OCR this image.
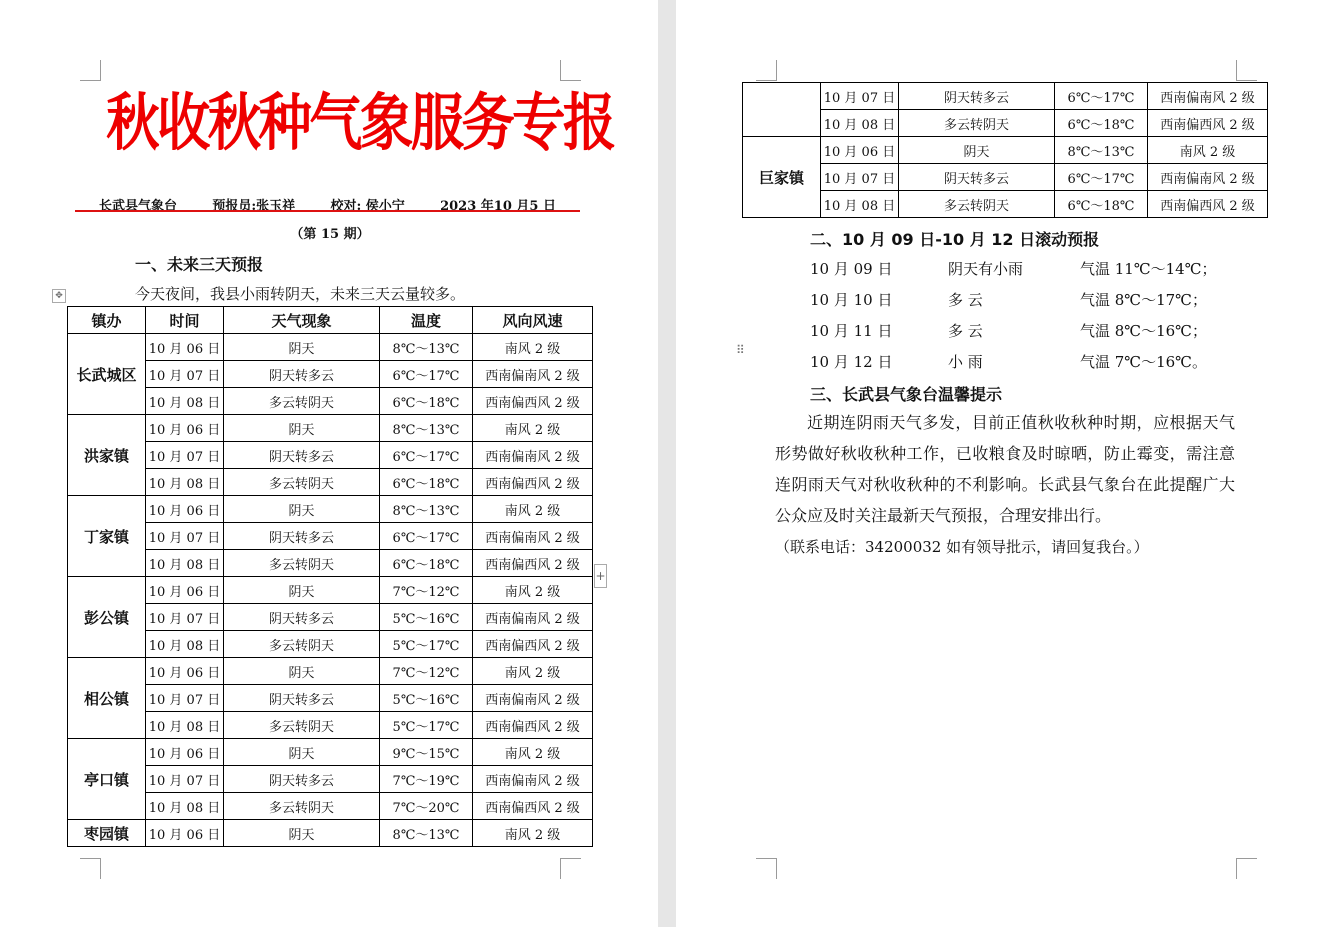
秋收秋种气象服务专报
长武县气象台	预报员:张玉祥	校对: 侯小宁	2023 年10 月5 日
（第 15 期）
一、未来三天预报
今天夜间，我县小雨转阴天，未来三天云量较多。
✥
镇办	时间	天气现象	温度	风向风速
长武城区	10 月 06 日	阴天	8℃～13℃	南风 2 级
	10 月 07 日	阴天转多云	6℃～17℃	西南偏南风 2 级
	10 月 08 日	多云转阴天	6℃～18℃	西南偏西风 2 级
洪家镇	10 月 06 日	阴天	8℃～13℃	南风 2 级
	10 月 07 日	阴天转多云	6℃～17℃	西南偏南风 2 级
	10 月 08 日	多云转阴天	6℃～18℃	西南偏西风 2 级
丁家镇	10 月 06 日	阴天	8℃～13℃	南风 2 级
	10 月 07 日	阴天转多云	6℃～17℃	西南偏南风 2 级
	10 月 08 日	多云转阴天	6℃～18℃	西南偏西风 2 级
彭公镇	10 月 06 日	阴天	7℃～12℃	南风 2 级
	10 月 07 日	阴天转多云	5℃～16℃	西南偏南风 2 级
	10 月 08 日	多云转阴天	5℃～17℃	西南偏西风 2 级
相公镇	10 月 06 日	阴天	7℃～12℃	南风 2 级
	10 月 07 日	阴天转多云	5℃～16℃	西南偏南风 2 级
	10 月 08 日	多云转阴天	5℃～17℃	西南偏西风 2 级
亭口镇	10 月 06 日	阴天	9℃～15℃	南风 2 级
	10 月 07 日	阴天转多云	7℃～19℃	西南偏南风 2 级
	10 月 08 日	多云转阴天	7℃～20℃	西南偏西风 2 级
枣园镇	10 月 06 日	阴天	8℃～13℃	南风 2 级
+
	10 月 07 日	阴天转多云	6℃～17℃	西南偏南风 2 级
	10 月 08 日	多云转阴天	6℃～18℃	西南偏西风 2 级
巨家镇	10 月 06 日	阴天	8℃～13℃	南风 2 级
	10 月 07 日	阴天转多云	6℃～17℃	西南偏南风 2 级
	10 月 08 日	多云转阴天	6℃～18℃	西南偏西风 2 级
二、10 月 09 日-10 月 12 日滚动预报
⠿
10 月 09 日	阴天有小雨	气温 11℃～14℃；
10 月 10 日	多 云	气温 8℃～17℃；
10 月 11 日	多 云	气温 8℃～16℃；
10 月 12 日	小 雨	气温 7℃～16℃。
三、长武县气象台温馨提示
近期连阴雨天气多发，目前正值秋收秋种时期，应根据天气形势做好秋收秋种工作，已收粮食及时晾晒，防止霉变，需注意连阴雨天气对秋收秋种的不利影响。长武县气象台在此提醒广大公众应及时关注最新天气预报，合理安排出行。
（联系电话：34200032 如有领导批示，请回复我台。）
